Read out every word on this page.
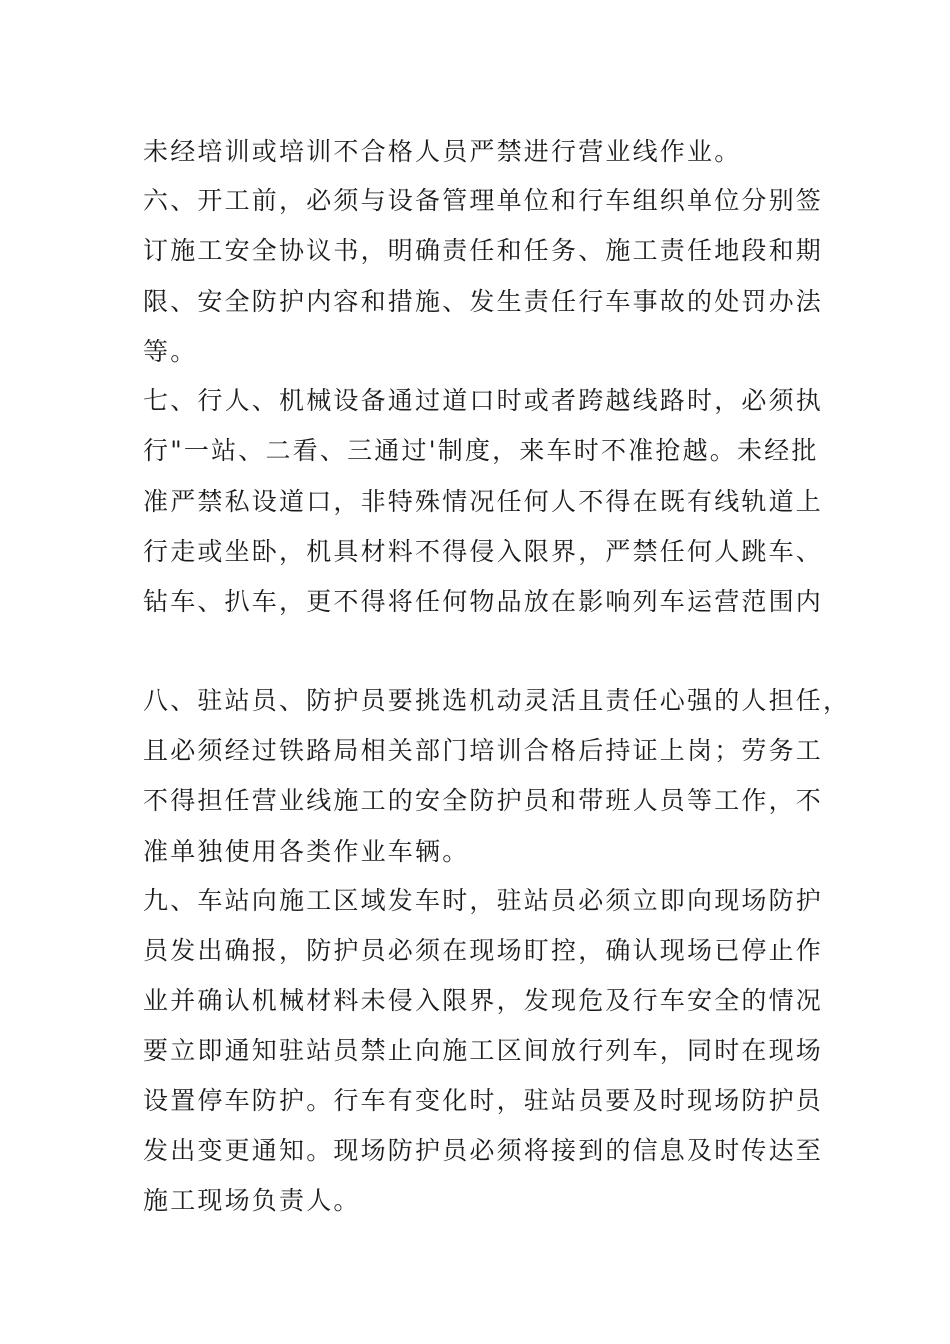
未经培训或培训不合格人员严禁进行营业线作业。
六、开工前，必须与设备管理单位和行车组织单位分别签
订施工安全协议书，明确责任和任务、施工责任地段和期
限、安全防护内容和措施、发生责任行车事故的处罚办法
等。
七、行人、机械设备通过道口时或者跨越线路时，必须执
行"一站、二看、三通过'制度，来车时不准抢越。未经批
准严禁私设道口，非特殊情况任何人不得在既有线轨道上
行走或坐卧，机具材料不得侵入限界，严禁任何人跳车、
钻车、扒车，更不得将任何物品放在影响列车运营范围内
八、驻站员、防护员要挑选机动灵活且责任心强的人担任，
且必须经过铁路局相关部门培训合格后持证上岗；劳务工
不得担任营业线施工的安全防护员和带班人员等工作，不
准单独使用各类作业车辆。
九、车站向施工区域发车时，驻站员必须立即向现场防护
员发出确报，防护员必须在现场盯控，确认现场已停止作
业并确认机械材料未侵入限界，发现危及行车安全的情况
要立即通知驻站员禁止向施工区间放行列车，同时在现场
设置停车防护。行车有变化时，驻站员要及时现场防护员
发出变更通知。现场防护员必须将接到的信息及时传达至
施工现场负责人。
